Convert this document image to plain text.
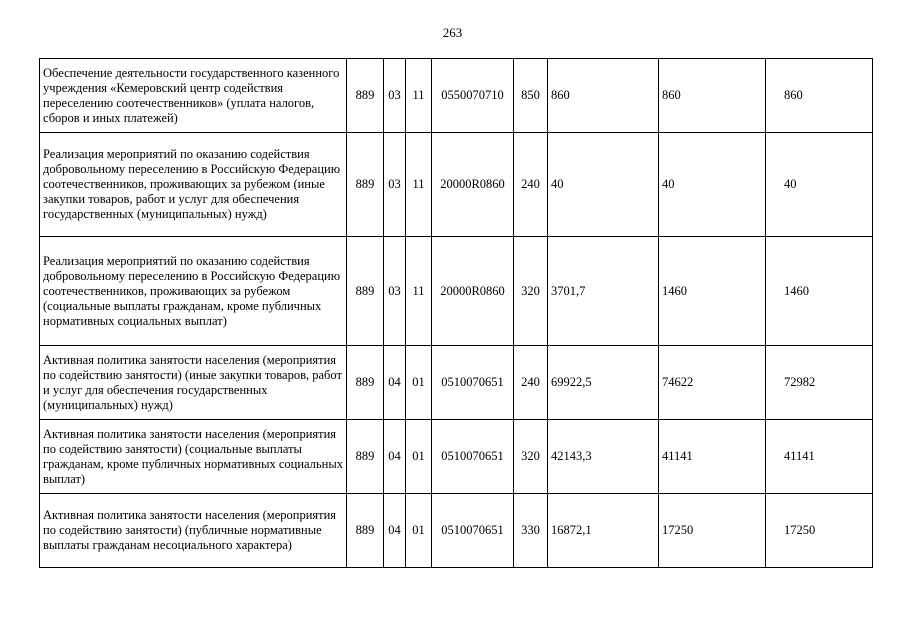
263
Обеспечение деятельности государственного казенного учреждения «Кемеровский центр содействия переселению соотечественников» (уплата налогов, сборов и иных платежей)	889	03	11	0550070710	850	860	860	860
Реализация мероприятий по оказанию содействия добровольному переселению в Российскую Федерацию соотечественников, проживающих за рубежом (иные закупки товаров, работ и услуг для обеспечения государственных (муниципальных) нужд)	889	03	11	20000R0860	240	40	40	40
Реализация мероприятий по оказанию содействия добровольному переселению в Российскую Федерацию соотечественников, проживающих за рубежом (социальные выплаты гражданам, кроме публичных нормативных социальных выплат)	889	03	11	20000R0860	320	3701,7	1460	1460
Активная политика занятости населения (мероприятия по содействию занятости) (иные закупки товаров, работ и услуг для обеспечения государственных (муниципальных) нужд)	889	04	01	0510070651	240	69922,5	74622	72982
Активная политика занятости населения (мероприятия по содействию занятости) (социальные выплаты гражданам, кроме публичных нормативных социальных выплат)	889	04	01	0510070651	320	42143,3	41141	41141
Активная политика занятости населения (мероприятия по содействию занятости) (публичные нормативные выплаты гражданам несоциального характера)	889	04	01	0510070651	330	16872,1	17250	17250
